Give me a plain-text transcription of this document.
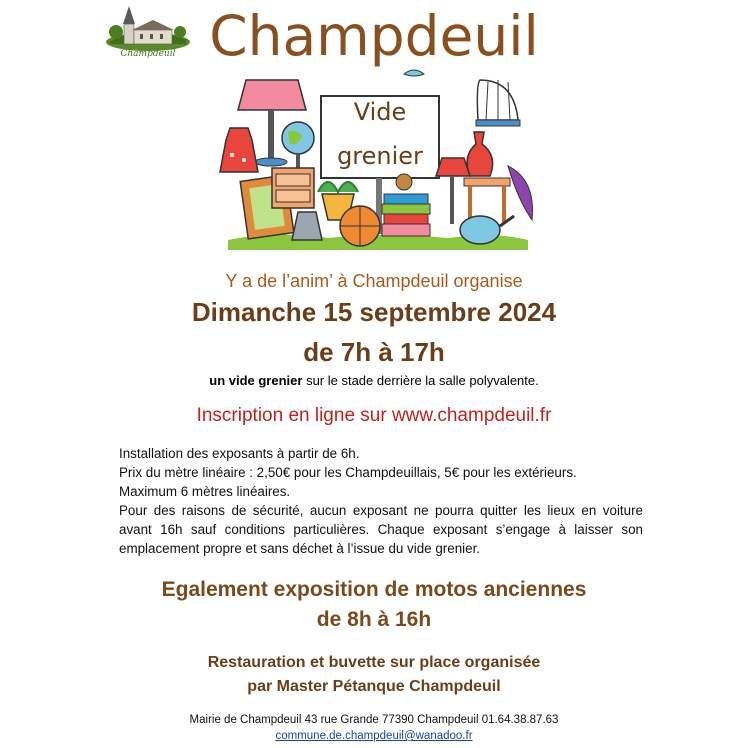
Champdeuil Champdeuil
Vide
grenier
Y a de l’anim’ à Champdeuil organise
Dimanche 15 septembre 2024
de 7h à 17h
un vide grenier sur le stade derrière la salle polyvalente.
Inscription en ligne sur www.champdeuil.fr

Installation des exposants à partir de 6h.

Prix du mètre linéaire : 2,50€ pour les Champdeuillais, 5€ pour les extérieurs.

Maximum 6 mètres linéaires.

Pour des raisons de sécurité, aucun exposant ne pourra quitter les lieux en voiture avant 16h sauf conditions particulières. Chaque exposant s’engage à laisser son emplacement propre et sans déchet à l’issue du vide grenier.

Egalement exposition de motos anciennes
de 8h à 16h
Restauration et buvette sur place organisée
par Master Pétanque Champdeuil
Mairie de Champdeuil 43 rue Grande 77390 Champdeuil 01.64.38.87.63
commune.de.champdeuil@wanadoo.fr
